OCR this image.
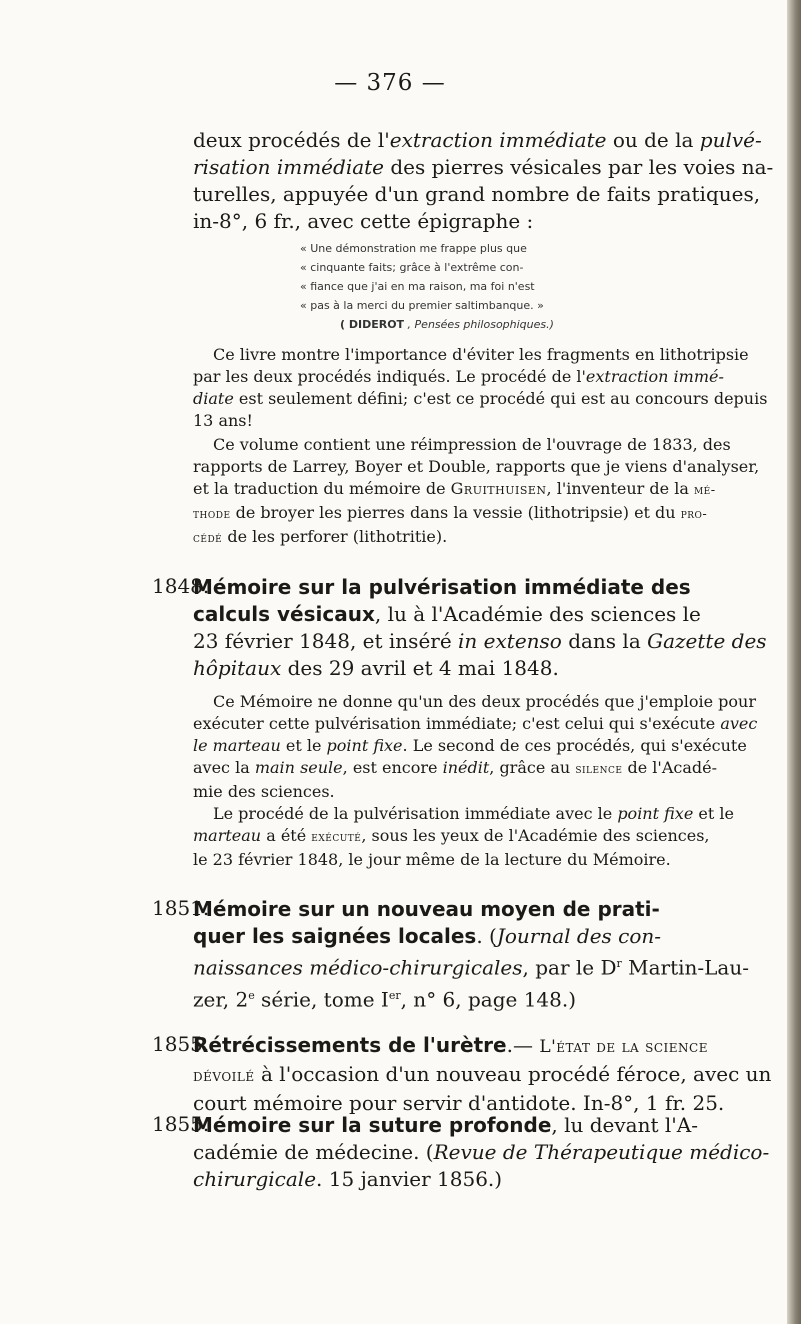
— 376 —
deux procédés de l'extraction immédiate ou de la pulvé-
risation immédiate des pierres vésicales par les voies na-
turelles, appuyée d'un grand nombre de faits pratiques,
in-8°, 6 fr., avec cette épigraphe :
« Une démonstration me frappe plus que
« cinquante faits; grâce à l'extrême con-
« fiance que j'ai en ma raison, ma foi n'est
« pas à la merci du premier saltimbanque. »
( DIDEROT , Pensées philosophiques.)
Ce livre montre l'importance d'éviter les fragments en lithotripsie
par les deux procédés indiqués. Le procédé de l'extraction immé-
diate est seulement défini; c'est ce procédé qui est au concours depuis
13 ans!
Ce volume contient une réimpression de l'ouvrage de 1833, des
rapports de Larrey, Boyer et Double, rapports que je viens d'analyser,
et la traduction du mémoire de Gruithuisen, l'inventeur de la mé-
thode de broyer les pierres dans la vessie (lithotripsie) et du pro-
cédé de les perforer (lithotritie).
1848.
Mémoire sur la pulvérisation immédiate des
calculs vésicaux, lu à l'Académie des sciences le
23 février 1848, et inséré in extenso dans la Gazette des
hôpitaux des 29 avril et 4 mai 1848.
Ce Mémoire ne donne qu'un des deux procédés que j'emploie pour
exécuter cette pulvérisation immédiate; c'est celui qui s'exécute avec
le marteau et le point fixe. Le second de ces procédés, qui s'exécute
avec la main seule, est encore inédit, grâce au silence de l'Acadé-
mie des sciences.
Le procédé de la pulvérisation immédiate avec le point fixe et le
marteau a été exécuté, sous les yeux de l'Académie des sciences,
le 23 février 1848, le jour même de la lecture du Mémoire.
1851.
Mémoire sur un nouveau moyen de prati-
quer les saignées locales. (Journal des con-
naissances médico-chirurgicales, par le $D^r$ Martin-Lau-
zer, 2e série, tome Ier, n° 6, page 148.)
1855.
Rétrécissements de l'urètre.— L'état de la science
dévoilé à l'occasion d'un nouveau procédé féroce, avec un
court mémoire pour servir d'antidote. In-8°, 1 fr. 25.
1855.
Mémoire sur la suture profonde, lu devant l'A-
cadémie de médecine. (Revue de Thérapeutique médico-
chirurgicale. 15 janvier 1856.)
